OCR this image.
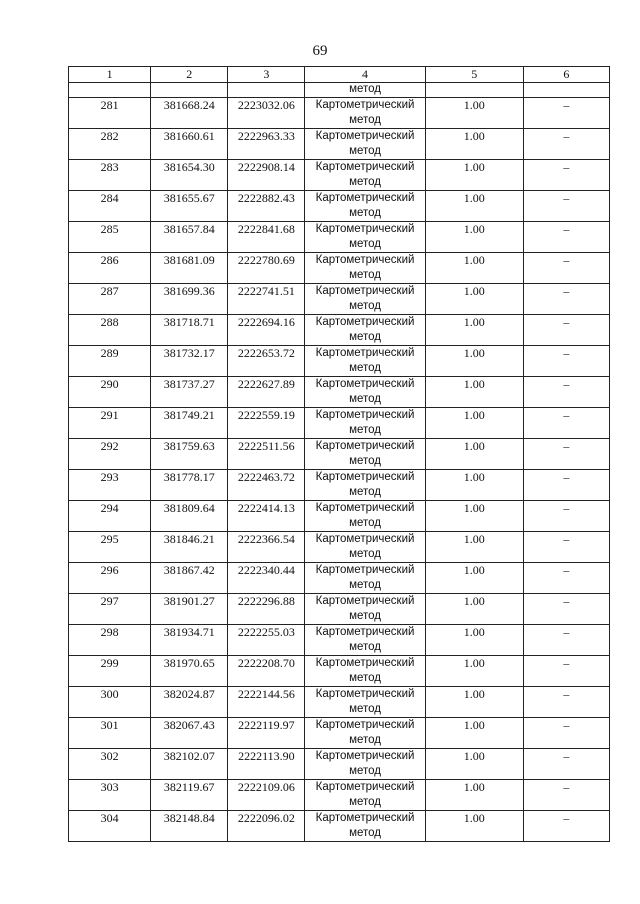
69
1	2	3	4	5	6
			метод		
281	381668.24	2223032.06	Картометрический метод	1.00	–
282	381660.61	2222963.33	Картометрический метод	1.00	–
283	381654.30	2222908.14	Картометрический метод	1.00	–
284	381655.67	2222882.43	Картометрический метод	1.00	–
285	381657.84	2222841.68	Картометрический метод	1.00	–
286	381681.09	2222780.69	Картометрический метод	1.00	–
287	381699.36	2222741.51	Картометрический метод	1.00	–
288	381718.71	2222694.16	Картометрический метод	1.00	–
289	381732.17	2222653.72	Картометрический метод	1.00	–
290	381737.27	2222627.89	Картометрический метод	1.00	–
291	381749.21	2222559.19	Картометрический метод	1.00	–
292	381759.63	2222511.56	Картометрический метод	1.00	–
293	381778.17	2222463.72	Картометрический метод	1.00	–
294	381809.64	2222414.13	Картометрический метод	1.00	–
295	381846.21	2222366.54	Картометрический метод	1.00	–
296	381867.42	2222340.44	Картометрический метод	1.00	–
297	381901.27	2222296.88	Картометрический метод	1.00	–
298	381934.71	2222255.03	Картометрический метод	1.00	–
299	381970.65	2222208.70	Картометрический метод	1.00	–
300	382024.87	2222144.56	Картометрический метод	1.00	–
301	382067.43	2222119.97	Картометрический метод	1.00	–
302	382102.07	2222113.90	Картометрический метод	1.00	–
303	382119.67	2222109.06	Картометрический метод	1.00	–
304	382148.84	2222096.02	Картометрический метод	1.00	–
